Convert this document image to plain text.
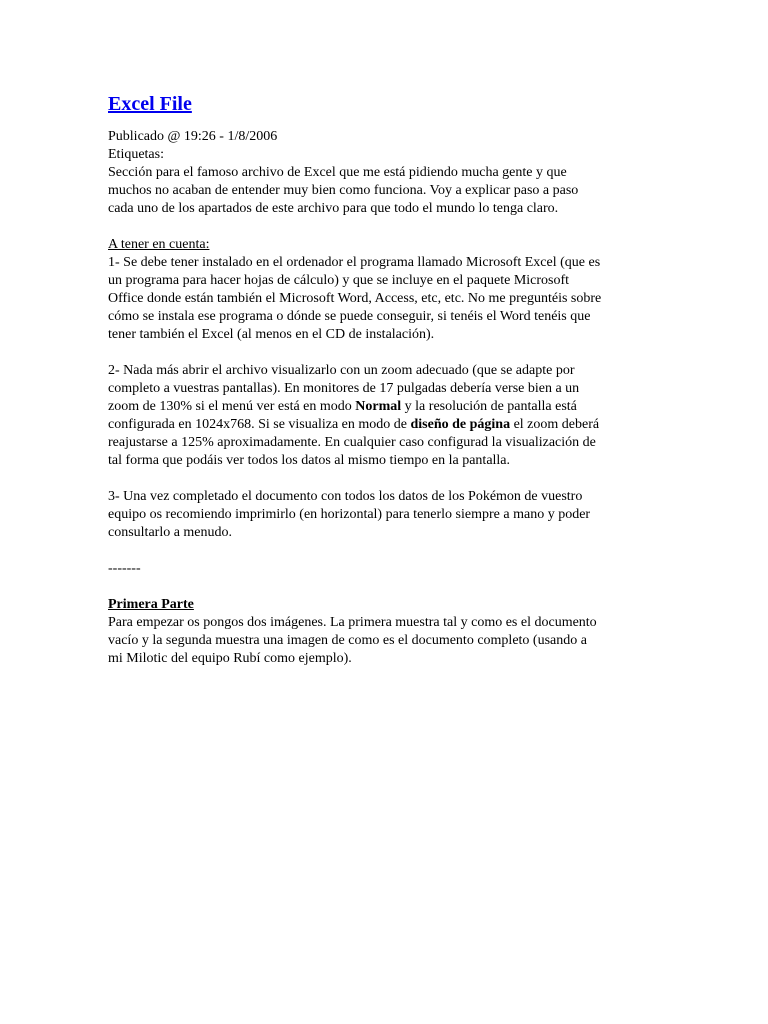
Excel File
Publicado @ 19:26 - 1/8/2006
Etiquetas:
Sección para el famoso archivo de Excel que me está pidiendo mucha gente y que
muchos no acaban de entender muy bien como funciona. Voy a explicar paso a paso
cada uno de los apartados de este archivo para que todo el mundo lo tenga claro.
A tener en cuenta:
1- Se debe tener instalado en el ordenador el programa llamado Microsoft Excel (que es
un programa para hacer hojas de cálculo) y que se incluye en el paquete Microsoft
Office donde están también el Microsoft Word, Access, etc, etc. No me preguntéis sobre
cómo se instala ese programa o dónde se puede conseguir, si tenéis el Word tenéis que
tener también el Excel (al menos en el CD de instalación).
2- Nada más abrir el archivo visualizarlo con un zoom adecuado (que se adapte por
completo a vuestras pantallas). En monitores de 17 pulgadas debería verse bien a un
zoom de 130% si el menú ver está en modo Normal y la resolución de pantalla está
configurada en 1024x768. Si se visualiza en modo de diseño de página el zoom deberá
reajustarse a 125% aproximadamente. En cualquier caso configurad la visualización de
tal forma que podáis ver todos los datos al mismo tiempo en la pantalla.
3- Una vez completado el documento con todos los datos de los Pokémon de vuestro
equipo os recomiendo imprimirlo (en horizontal) para tenerlo siempre a mano y poder
consultarlo a menudo.
-------
Primera Parte
Para empezar os pongos dos imágenes. La primera muestra tal y como es el documento
vacío y la segunda muestra una imagen de como es el documento completo (usando a
mi Milotic del equipo Rubí como ejemplo).
